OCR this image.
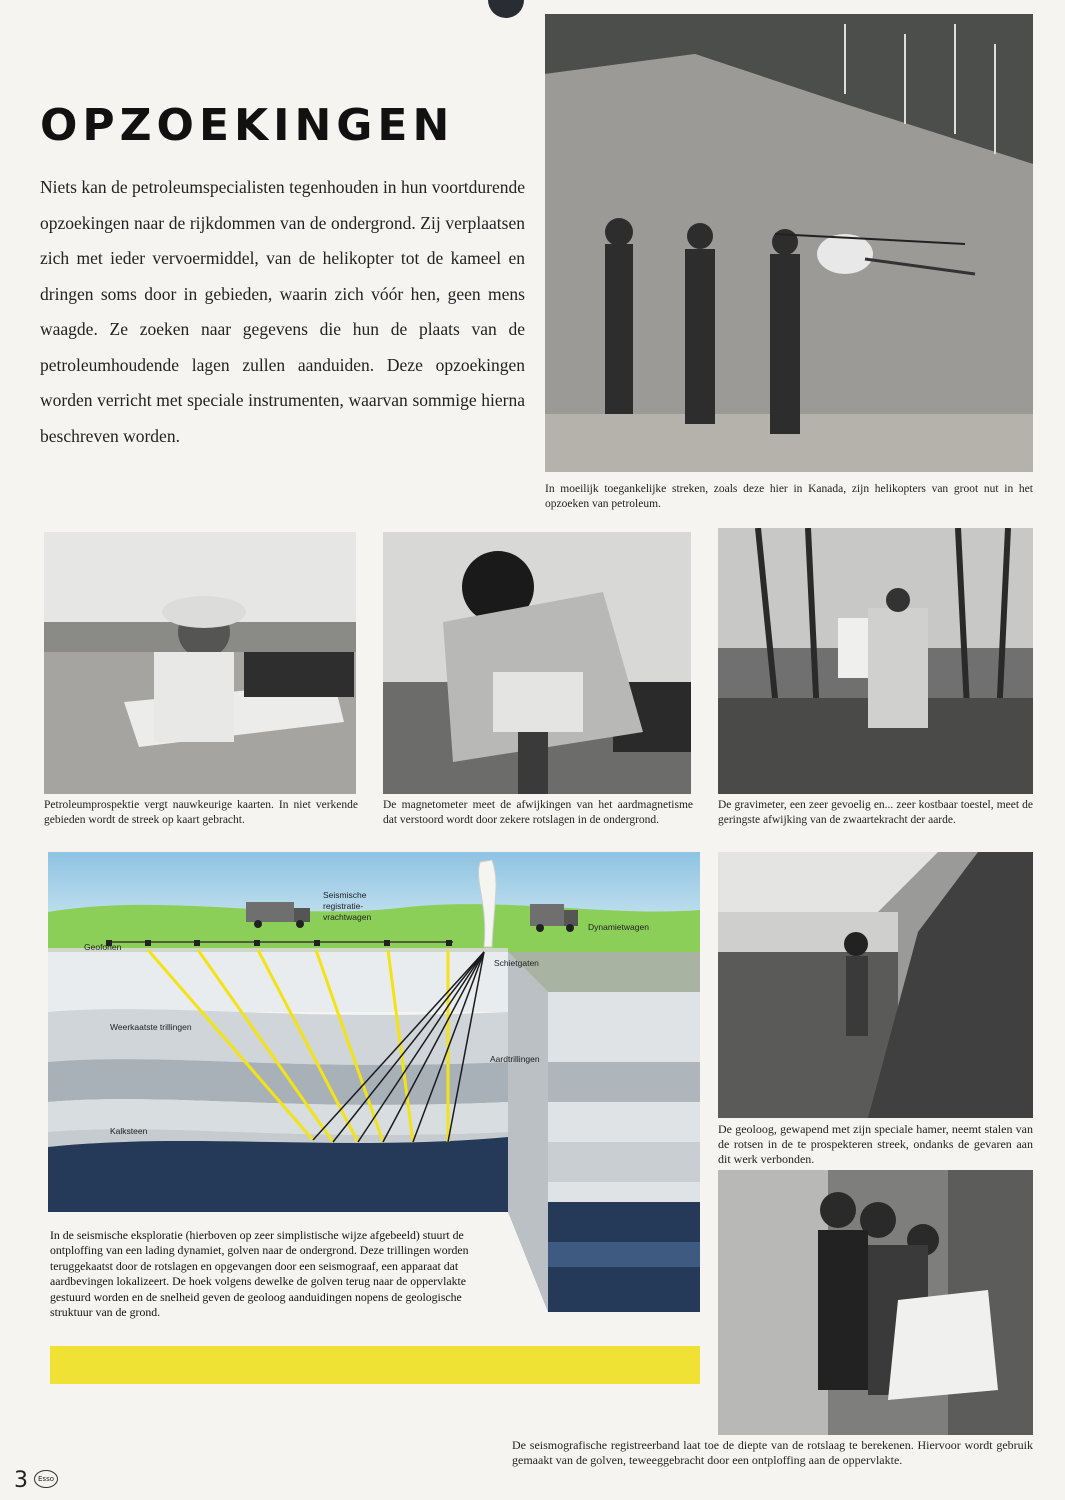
OPZOEKINGEN
Niets kan de petroleumspecialisten tegenhouden in hun voortdurende opzoekingen naar de rijkdommen van de ondergrond. Zij verplaatsen zich met ieder vervoermiddel, van de helikopter tot de kameel en dringen soms door in gebieden, waarin zich vóór hen, geen mens waagde. Ze zoeken naar gegevens die hun de plaats van de petroleumhoudende lagen zullen aanduiden. Deze opzoekingen worden verricht met speciale instrumenten, waarvan sommige hierna beschreven worden.
In moeilijk toegankelijke streken, zoals deze hier in Kanada, zijn helikopters van groot nut in het opzoeken van petroleum.
Petroleumprospektie vergt nauwkeurige kaarten. In niet verkende gebieden wordt de streek op kaart gebracht.
De magnetometer meet de afwijkingen van het aardmagnetisme dat verstoord wordt door zekere rotslagen in de ondergrond.
De gravimeter, een zeer gevoelig en... zeer kostbaar toestel, meet de geringste afwijking van de zwaartekracht der aarde.
Seismische
registratie-
vrachtwagen
Dynamietwagen
Geofonen
Schietgaten
Weerkaatste trillingen
Aardtrillingen
Kalksteen
In de seismische eksploratie (hierboven op zeer simplistische wijze afgebeeld) stuurt de ontploffing van een lading dynamiet, golven naar de ondergrond. Deze trillingen worden teruggekaatst door de rotslagen en opgevangen door een seismograaf, een apparaat dat aardbevingen lokalizeert. De hoek volgens dewelke de golven terug naar de oppervlakte gestuurd worden en de snelheid geven de geoloog aanduidingen nopens de geologische struktuur van de grond.
De geoloog, gewapend met zijn speciale hamer, neemt stalen van de rotsen in de te prospekteren streek, ondanks de gevaren aan dit werk verbonden.
De seismografische registreerband laat toe de diepte van de rotslaag te berekenen. Hiervoor wordt gebruik gemaakt van de golven, teweeggebracht door een ontploffing aan de oppervlakte.
3 Esso
